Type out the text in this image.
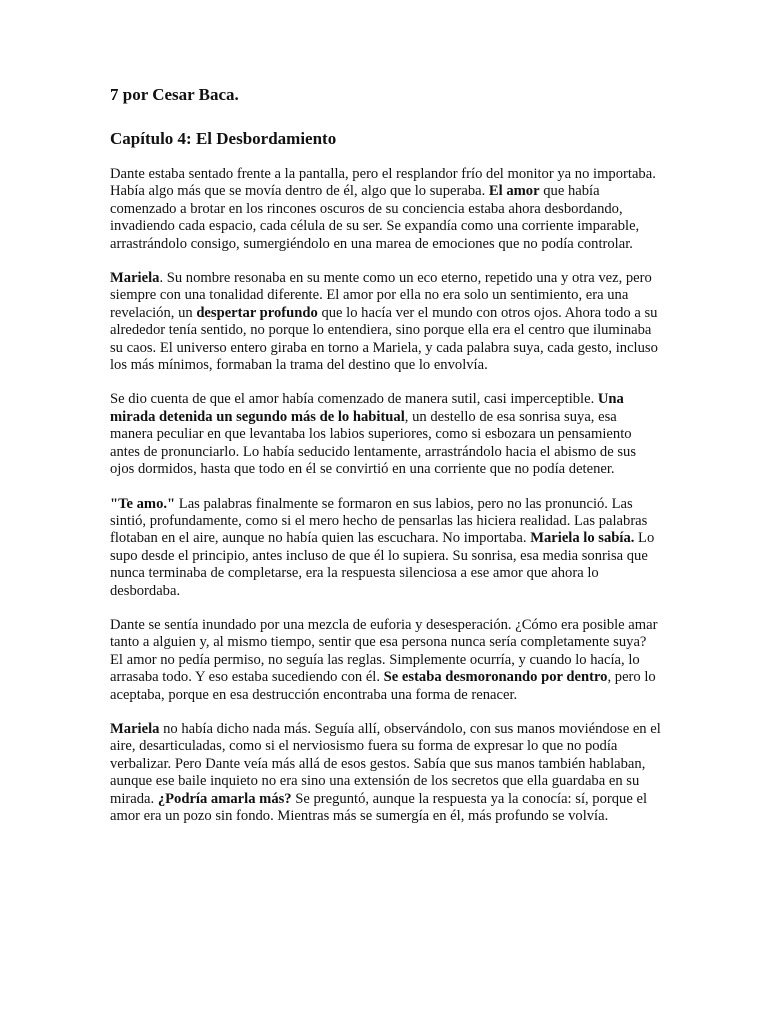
7 por Cesar Baca.
Capítulo 4: El Desbordamiento

Dante estaba sentado frente a la pantalla, pero el resplandor frío del monitor ya no importaba. Había algo más que se movía dentro de él, algo que lo superaba. El amor que había comenzado a brotar en los rincones oscuros de su conciencia estaba ahora desbordando, invadiendo cada espacio, cada célula de su ser. Se expandía como una corriente imparable, arrastrándolo consigo, sumergiéndolo en una marea de emociones que no podía controlar.

Mariela. Su nombre resonaba en su mente como un eco eterno, repetido una y otra vez, pero siempre con una tonalidad diferente. El amor por ella no era solo un sentimiento, era una revelación, un despertar profundo que lo hacía ver el mundo con otros ojos. Ahora todo a su alrededor tenía sentido, no porque lo entendiera, sino porque ella era el centro que iluminaba su caos. El universo entero giraba en torno a Mariela, y cada palabra suya, cada gesto, incluso los más mínimos, formaban la trama del destino que lo envolvía.

Se dio cuenta de que el amor había comenzado de manera sutil, casi imperceptible. Una mirada detenida un segundo más de lo habitual, un destello de esa sonrisa suya, esa manera peculiar en que levantaba los labios superiores, como si esbozara un pensamiento antes de pronunciarlo. Lo había seducido lentamente, arrastrándolo hacia el abismo de sus ojos dormidos, hasta que todo en él se convirtió en una corriente que no podía detener.

"Te amo." Las palabras finalmente se formaron en sus labios, pero no las pronunció. Las sintió, profundamente, como si el mero hecho de pensarlas las hiciera realidad. Las palabras flotaban en el aire, aunque no había quien las escuchara. No importaba. Mariela lo sabía. Lo supo desde el principio, antes incluso de que él lo supiera. Su sonrisa, esa media sonrisa que nunca terminaba de completarse, era la respuesta silenciosa a ese amor que ahora lo desbordaba.

Dante se sentía inundado por una mezcla de euforia y desesperación. ¿Cómo era posible amar tanto a alguien y, al mismo tiempo, sentir que esa persona nunca sería completamente suya? El amor no pedía permiso, no seguía las reglas. Simplemente ocurría, y cuando lo hacía, lo arrasaba todo. Y eso estaba sucediendo con él. Se estaba desmoronando por dentro, pero lo aceptaba, porque en esa destrucción encontraba una forma de renacer.

Mariela no había dicho nada más. Seguía allí, observándolo, con sus manos moviéndose en el aire, desarticuladas, como si el nerviosismo fuera su forma de expresar lo que no podía verbalizar. Pero Dante veía más allá de esos gestos. Sabía que sus manos también hablaban, aunque ese baile inquieto no era sino una extensión de los secretos que ella guardaba en su mirada. ¿Podría amarla más? Se preguntó, aunque la respuesta ya la conocía: sí, porque el amor era un pozo sin fondo. Mientras más se sumergía en él, más profundo se volvía.
